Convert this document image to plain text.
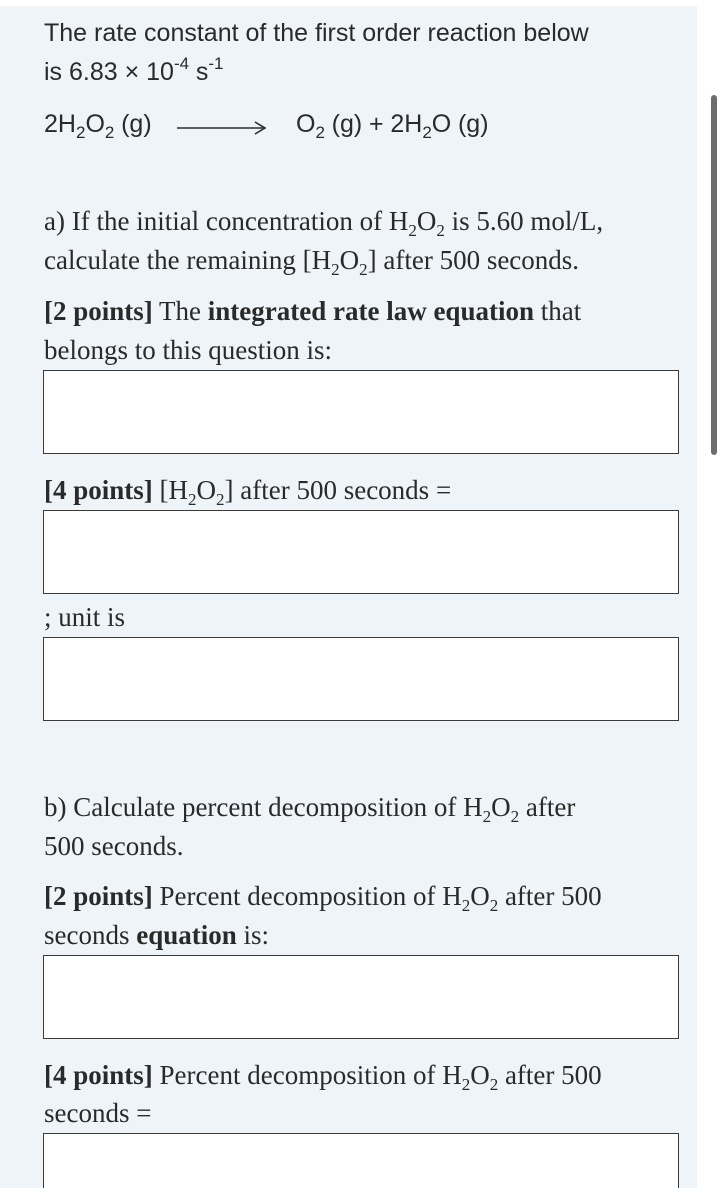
The rate constant of the first order reaction below
is $6.83 \times 10^{-4}$ $s^{-1}$
$2H_2O_2$ (g)	$O_2$ $(g) + 2H_2O$ (g)
a) If the initial concentration of $H_2O_2$ is 5.60 mol/L,
calculate the remaining $[H_2O_2]$ after 500 seconds.
[2 points] The integrated rate law equation that
belongs to this question is:
[4 points] $[H_2O_2]$ after 500 seconds =
; unit is
b) Calculate percent decomposition of $H_2O_2$ after
500 seconds.
[2 points] Percent decomposition of $H_2O_2$ after 500
seconds equation is:
[4 points] Percent decomposition of $H_2O_2$ after 500
seconds =
